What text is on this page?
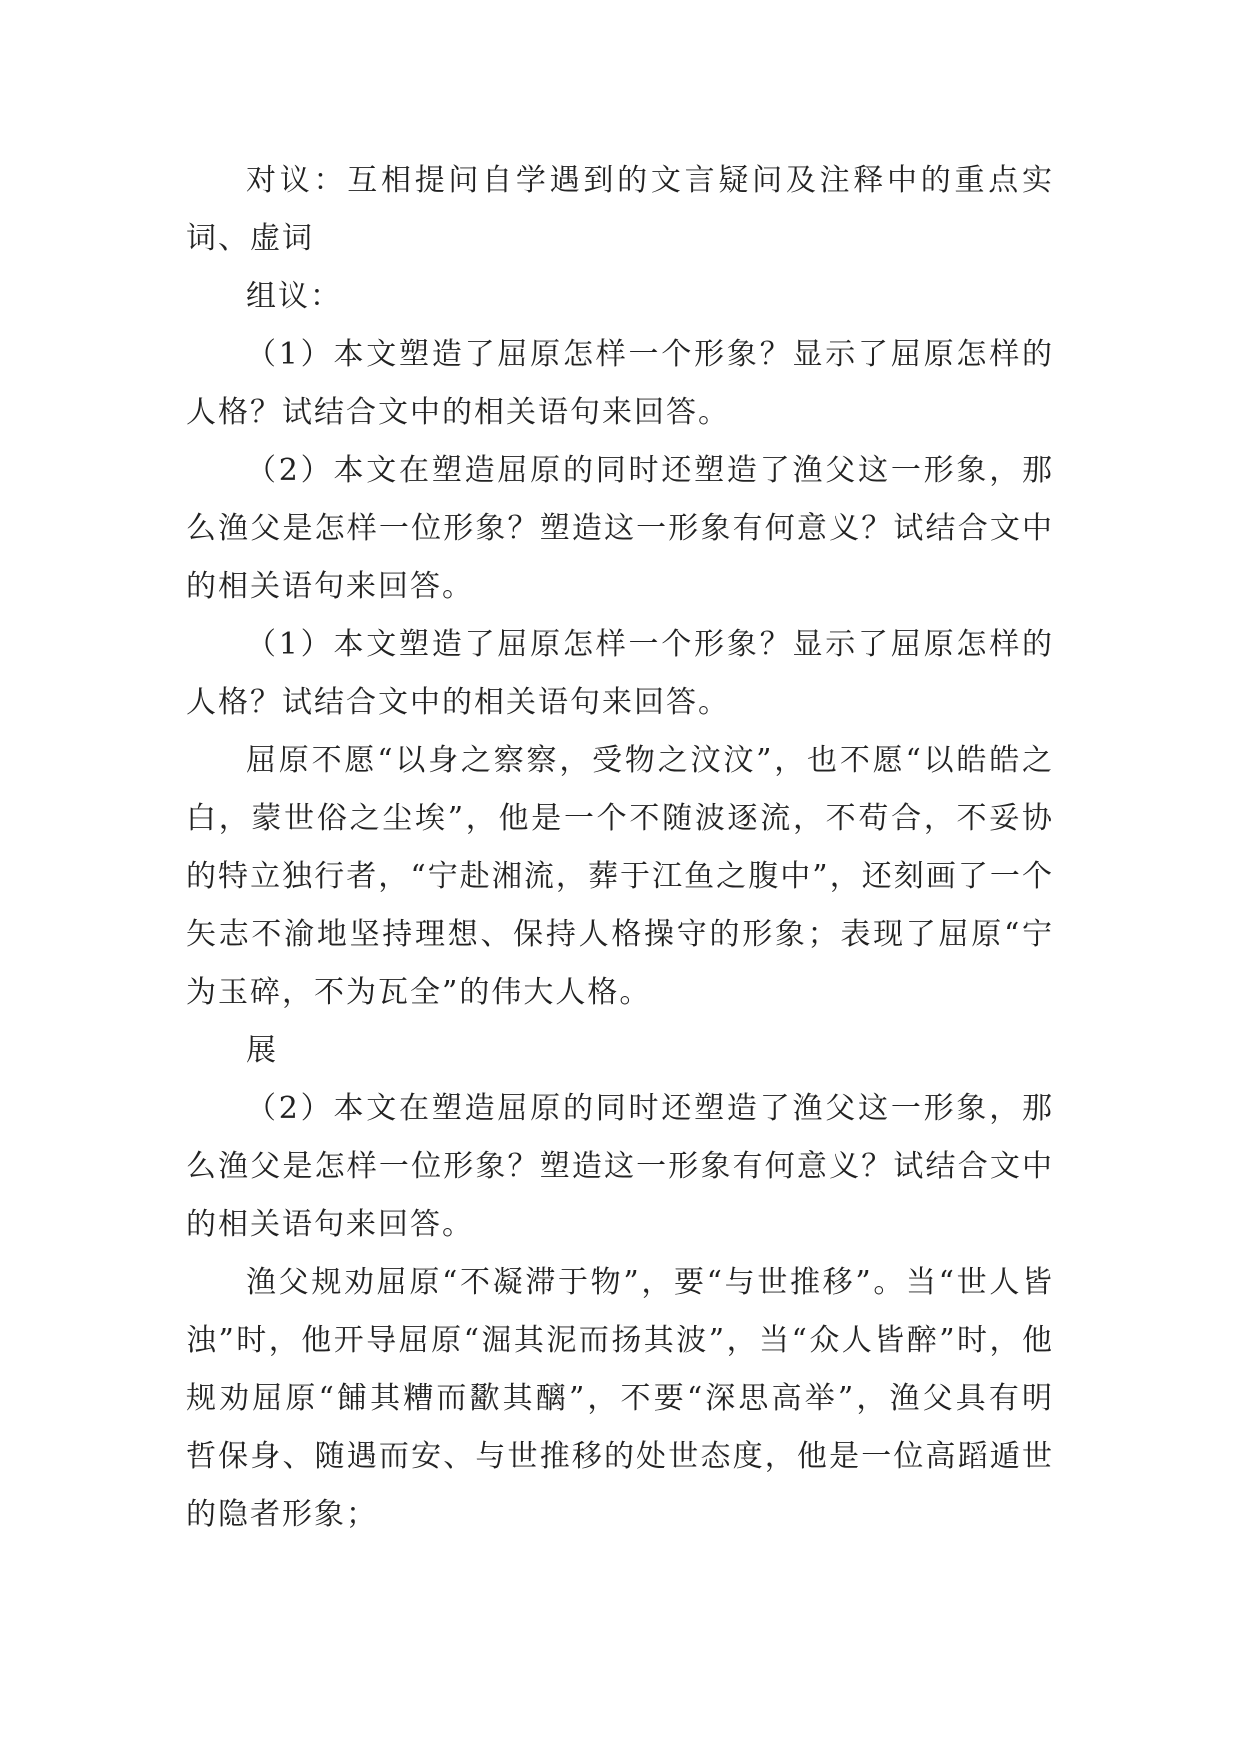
对议：互相提问自学遇到的文言疑问及注释中的重点实词、虚词

组议：

（1）本文塑造了屈原怎样一个形象？显示了屈原怎样的人格？试结合文中的相关语句来回答。

（2）本文在塑造屈原的同时还塑造了渔父这一形象，那么渔父是怎样一位形象？塑造这一形象有何意义？试结合文中的相关语句来回答。

（1）本文塑造了屈原怎样一个形象？显示了屈原怎样的人格？试结合文中的相关语句来回答。

屈原不愿“以身之察察，受物之汶汶”，也不愿“以皓皓之白，蒙世俗之尘埃”，他是一个不随波逐流，不苟合，不妥协的特立独行者，“宁赴湘流，葬于江鱼之腹中”，还刻画了一个矢志不渝地坚持理想、保持人格操守的形象；表现了屈原“宁为玉碎，不为瓦全”的伟大人格。

展

（2）本文在塑造屈原的同时还塑造了渔父这一形象，那么渔父是怎样一位形象？塑造这一形象有何意义？试结合文中的相关语句来回答。

渔父规劝屈原“不凝滞于物”，要“与世推移”。当“世人皆浊”时，他开导屈原“淈其泥而扬其波”，当“众人皆醉”时，他规劝屈原“餔其糟而歠其醨”，不要“深思高举”，渔父具有明哲保身、随遇而安、与世推移的处世态度，他是一位高蹈遁世的隐者形象；
